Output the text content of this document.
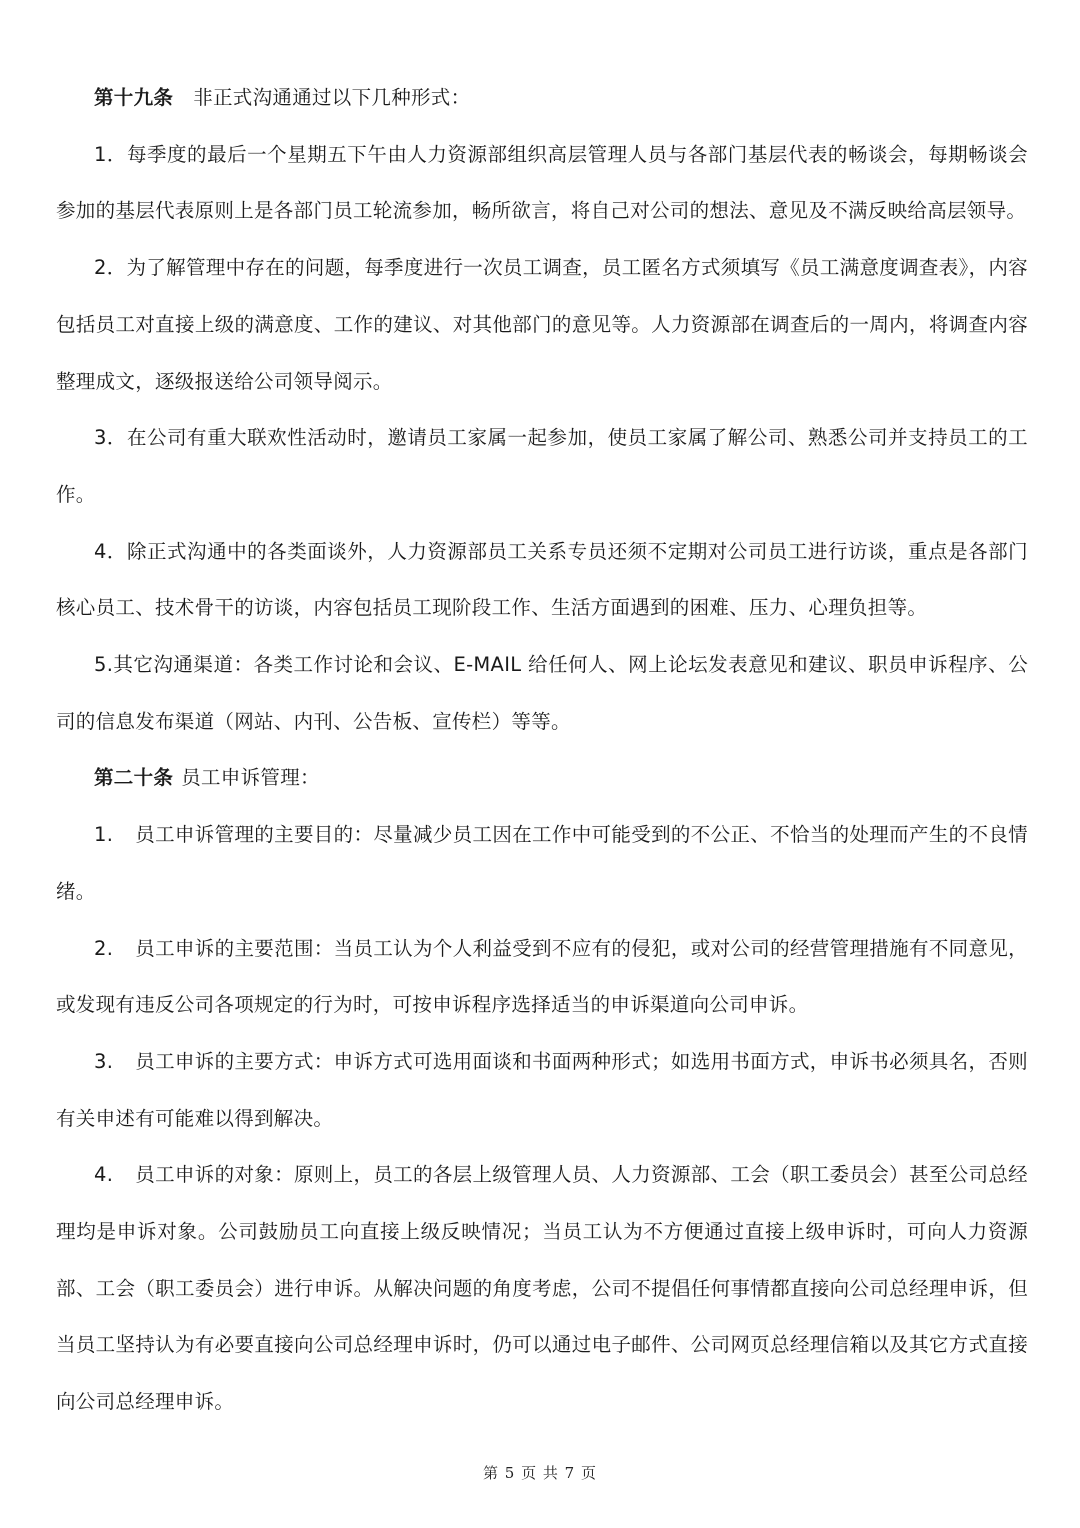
第十九条 非正式沟通通过以下几种形式：

1．每季度的最后一个星期五下午由人力资源部组织高层管理人员与各部门基层代表的畅谈会，每期畅谈会参加的基层代表原则上是各部门员工轮流参加，畅所欲言，将自己对公司的想法、意见及不满反映给高层领导。

2．为了解管理中存在的问题，每季度进行一次员工调查，员工匿名方式须填写《员工满意度调查表》，内容包括员工对直接上级的满意度、工作的建议、对其他部门的意见等。人力资源部在调查后的一周内，将调查内容整理成文，逐级报送给公司领导阅示。

3．在公司有重大联欢性活动时，邀请员工家属一起参加，使员工家属了解公司、熟悉公司并支持员工的工作。

4．除正式沟通中的各类面谈外，人力资源部员工关系专员还须不定期对公司员工进行访谈，重点是各部门核心员工、技术骨干的访谈，内容包括员工现阶段工作、生活方面遇到的困难、压力、心理负担等。

5.其它沟通渠道：各类工作讨论和会议、E-MAIL 给任何人、网上论坛发表意见和建议、职员申诉程序、公司的信息发布渠道（网站、内刊、公告板、宣传栏）等等。

第二十条 员工申诉管理：

1. 员工申诉管理的主要目的：尽量减少员工因在工作中可能受到的不公正、不恰当的处理而产生的不良情绪。

2. 员工申诉的主要范围：当员工认为个人利益受到不应有的侵犯，或对公司的经营管理措施有不同意见，或发现有违反公司各项规定的行为时，可按申诉程序选择适当的申诉渠道向公司申诉。

3. 员工申诉的主要方式：申诉方式可选用面谈和书面两种形式；如选用书面方式，申诉书必须具名，否则有关申述有可能难以得到解决。

4. 员工申诉的对象：原则上，员工的各层上级管理人员、人力资源部、工会（职工委员会）甚至公司总经理均是申诉对象。公司鼓励员工向直接上级反映情况；当员工认为不方便通过直接上级申诉时，可向人力资源部、工会（职工委员会）进行申诉。从解决问题的角度考虑，公司不提倡任何事情都直接向公司总经理申诉，但当员工坚持认为有必要直接向公司总经理申诉时，仍可以通过电子邮件、公司网页总经理信箱以及其它方式直接向公司总经理申诉。

第 5 页 共 7 页
